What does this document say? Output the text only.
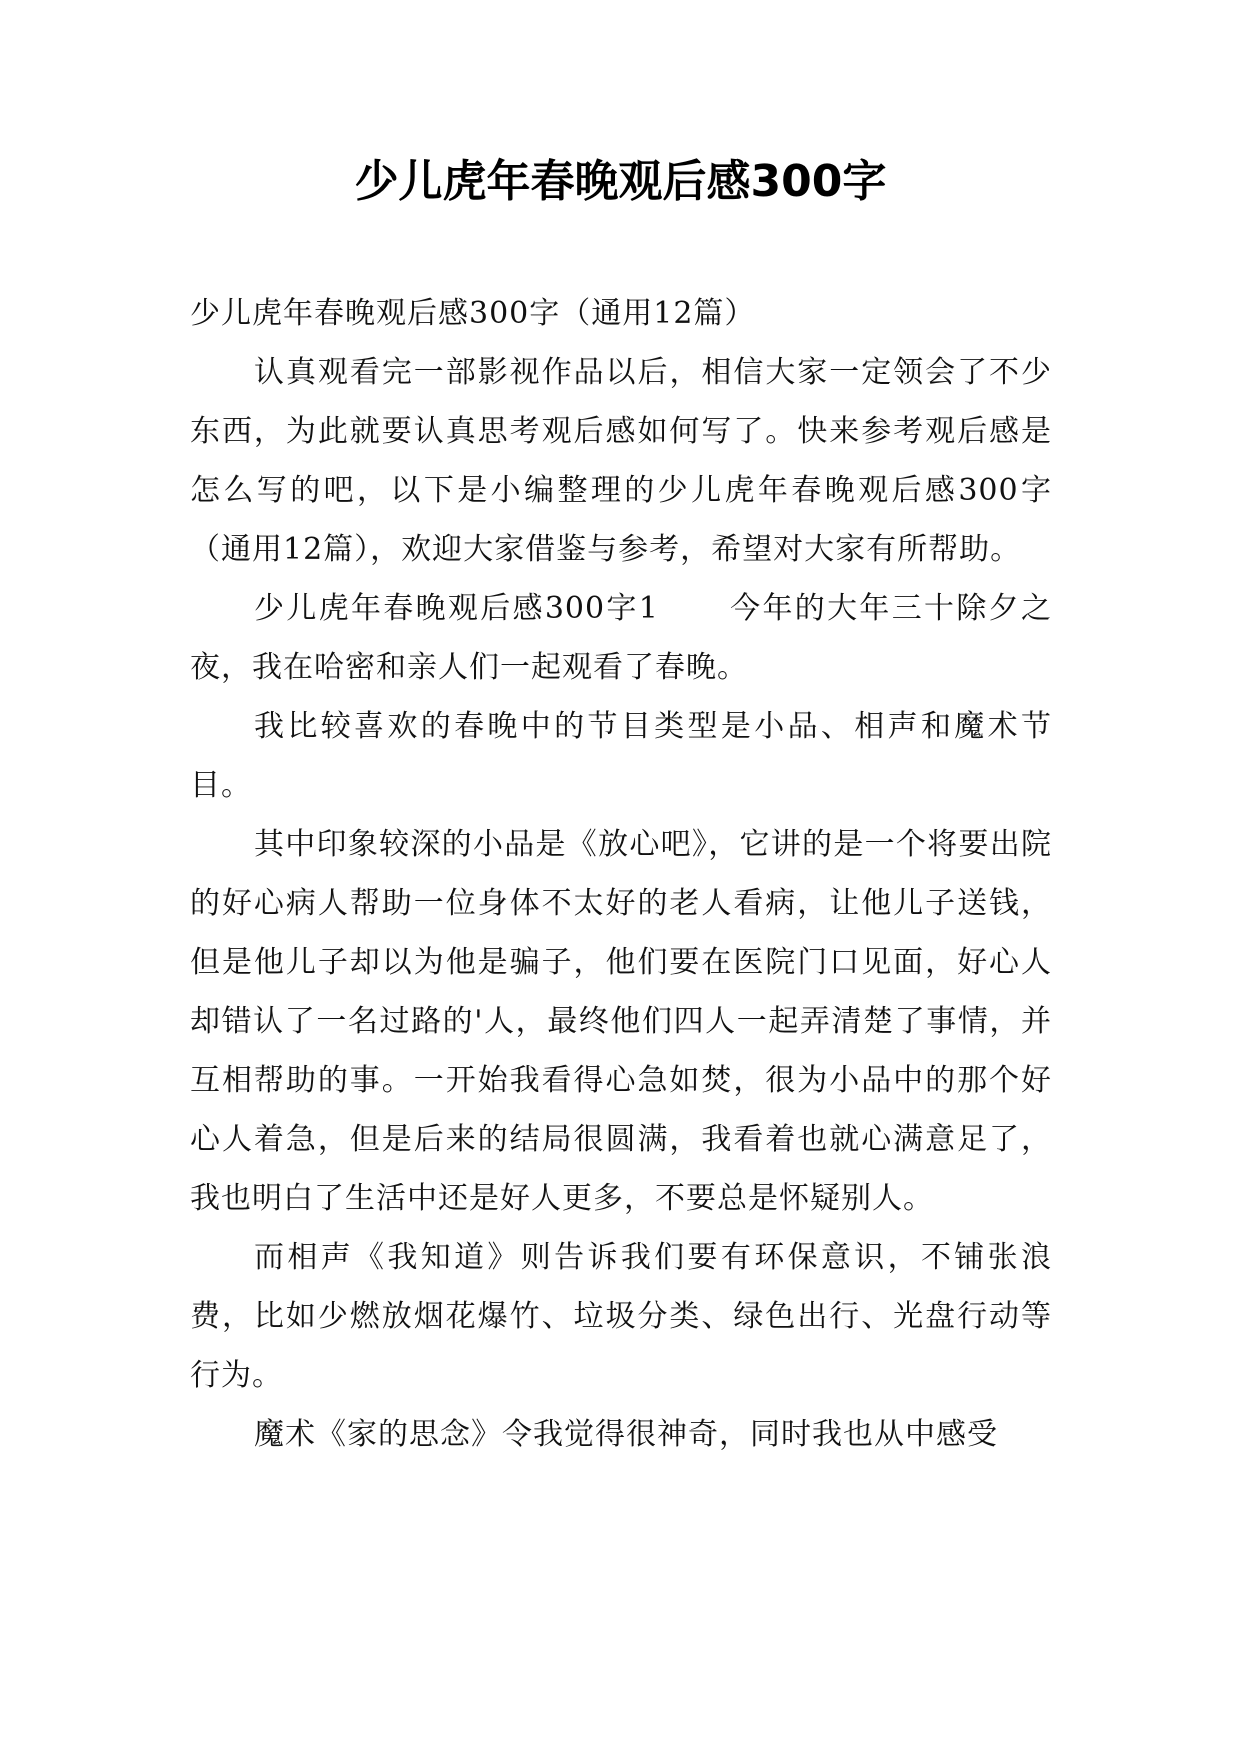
少儿虎年春晚观后感300字

少儿虎年春晚观后感300字（通用12篇）

认真观看完一部影视作品以后，相信大家一定领会了不少东西，为此就要认真思考观后感如何写了。快来参考观后感是怎么写的吧，以下是小编整理的少儿虎年春晚观后感300字（通用12篇），欢迎大家借鉴与参考，希望对大家有所帮助。

少儿虎年春晚观后感300字1 今年的大年三十除夕之夜，我在哈密和亲人们一起观看了春晚。

我比较喜欢的春晚中的节目类型是小品、相声和魔术节目。

其中印象较深的小品是《放心吧》，它讲的是一个将要出院的好心病人帮助一位身体不太好的老人看病，让他儿子送钱，但是他儿子却以为他是骗子，他们要在医院门口见面，好心人却错认了一名过路的'人，最终他们四人一起弄清楚了事情，并互相帮助的事。一开始我看得心急如焚，很为小品中的那个好心人着急，但是后来的结局很圆满，我看着也就心满意足了，我也明白了生活中还是好人更多，不要总是怀疑别人。

而相声《我知道》则告诉我们要有环保意识，不铺张浪费，比如少燃放烟花爆竹、垃圾分类、绿色出行、光盘行动等行为。

魔术《家的思念》令我觉得很神奇，同时我也从中感受
